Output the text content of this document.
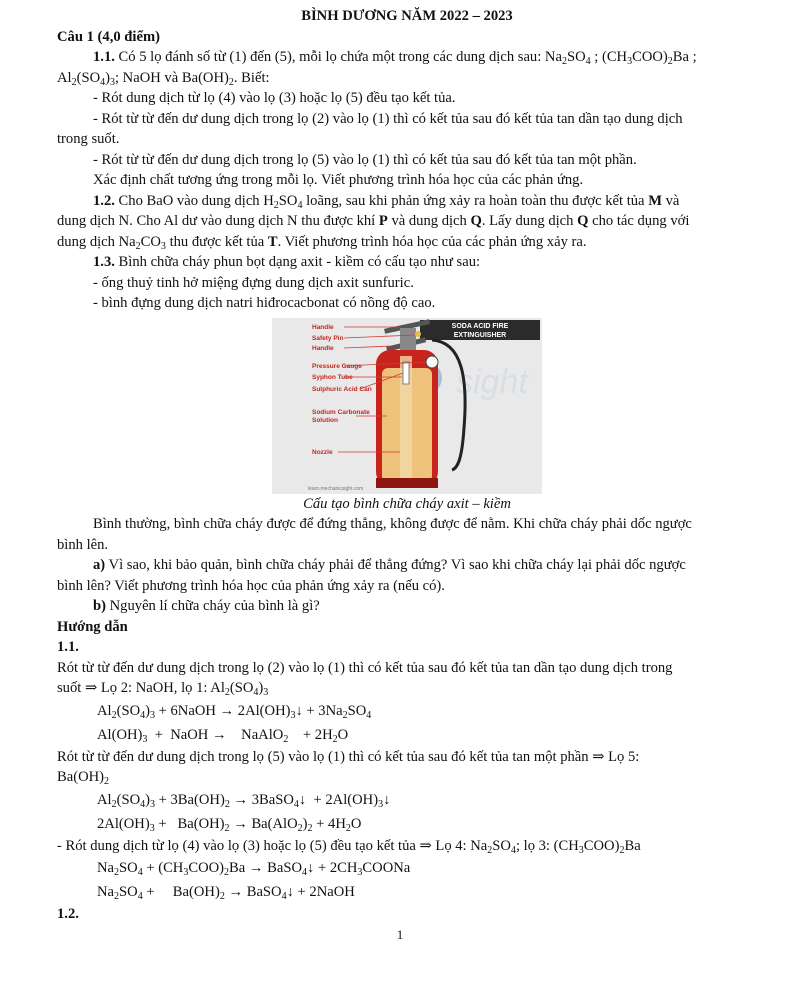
BÌNH DƯƠNG NĂM 2022 – 2023

Câu 1 (4,0 điểm)

1.1. Có 5 lọ đánh số từ (1) đến (5), mỗi lọ chứa một trong các dung dịch sau: $Na_2SO_4$ ; $(CH_3COO)_2Ba$ ;

$Al_2(SO_4)_3$; NaOH và $Ba(OH)_2$. Biết:

- Rót dung dịch từ lọ (4) vào lọ (3) hoặc lọ (5) đều tạo kết tủa.

- Rót từ từ đến dư dung dịch trong lọ (2) vào lọ (1) thì có kết tủa sau đó kết tủa tan dần tạo dung dịch

trong suốt.

- Rót từ từ đến dư dung dịch trong lọ (5) vào lọ (1) thì có kết tủa sau đó kết tủa tan một phần.

Xác định chất tương ứng trong mỗi lọ. Viết phương trình hóa học của các phản ứng.

1.2. Cho BaO vào dung dịch $H_2SO_4$ loãng, sau khi phản ứng xảy ra hoàn toàn thu được kết tủa M và

dung dịch N. Cho Al dư vào dung dịch N thu được khí P và dung dịch Q. Lấy dung dịch Q cho tác dụng với

dung dịch $Na_2CO_3$ thu được kết tủa T. Viết phương trình hóa học của các phản ứng xảy ra.

1.3. Bình chữa cháy phun bọt dạng axit - kiềm có cấu tạo như sau:

- ống thuỷ tinh hở miệng đựng dung dịch axit sunfuric.

- bình đựng dung dịch natri hiđrocacbonat có nồng độ cao.

SODA ACID FIRE
EXTINGUISHER
sight
Handle
Safety Pin
Handle
Pressure Gauge
Syphon Tube
Sulphuric Acid Can
Sodium Carbonate
Solution
Nozzle
learn.mechanicsight.com

Cấu tạo bình chữa cháy axit – kiềm

Bình thường, bình chữa cháy được để đứng thẳng, không được để nằm. Khi chữa cháy phải dốc ngược

bình lên.

a) Vì sao, khi bảo quản, bình chữa cháy phải để thẳng đứng? Vì sao khi chữa cháy lại phải dốc ngược

bình lên? Viết phương trình hóa học của phản ứng xảy ra (nếu có).

b) Nguyên lí chữa cháy của bình là gì?

Hướng dẫn

1.1.

Rót từ từ đến dư dung dịch trong lọ (2) vào lọ (1) thì có kết tủa sau đó kết tủa tan dần tạo dung dịch trong

suốt ⇒ Lọ 2: NaOH, lọ 1: $Al_2(SO_4)_3$

$Al_2(SO_4)_3$ + 6NaOH → $2Al(OH)_3↓ + 3Na_2SO_4$

$Al(OH)_3$  +  NaOH →    NaAlO$_2$    + $2H_2O$

Rót từ từ đến dư dung dịch trong lọ (5) vào lọ (1) thì có kết tủa sau đó kết tủa tan một phần ⇒ Lọ 5:

$Ba(OH)_2$

$Al_2(SO_4)_3 + 3Ba(OH)_2$ → 3BaSO$_4$↓  + $2Al(OH)_3↓$

$2Al(OH)_3 + Ba(OH)_2 \to Ba(AlO_2)_2 + 4H_2O$

- Rót dung dịch từ lọ (4) vào lọ (3) hoặc lọ (5) đều tạo kết tủa ⇒ Lọ 4: $Na_2SO_4$; lọ 3: $(CH_3COO)_2Ba$

$Na_2SO_4 + (CH_3COO)_2Ba$ → BaSO$_4$↓ + $2CH_3COONa$

$Na_2SO_4$ +     $Ba(OH)_2$ → BaSO$_4$↓ + 2NaOH

1.2.

1
